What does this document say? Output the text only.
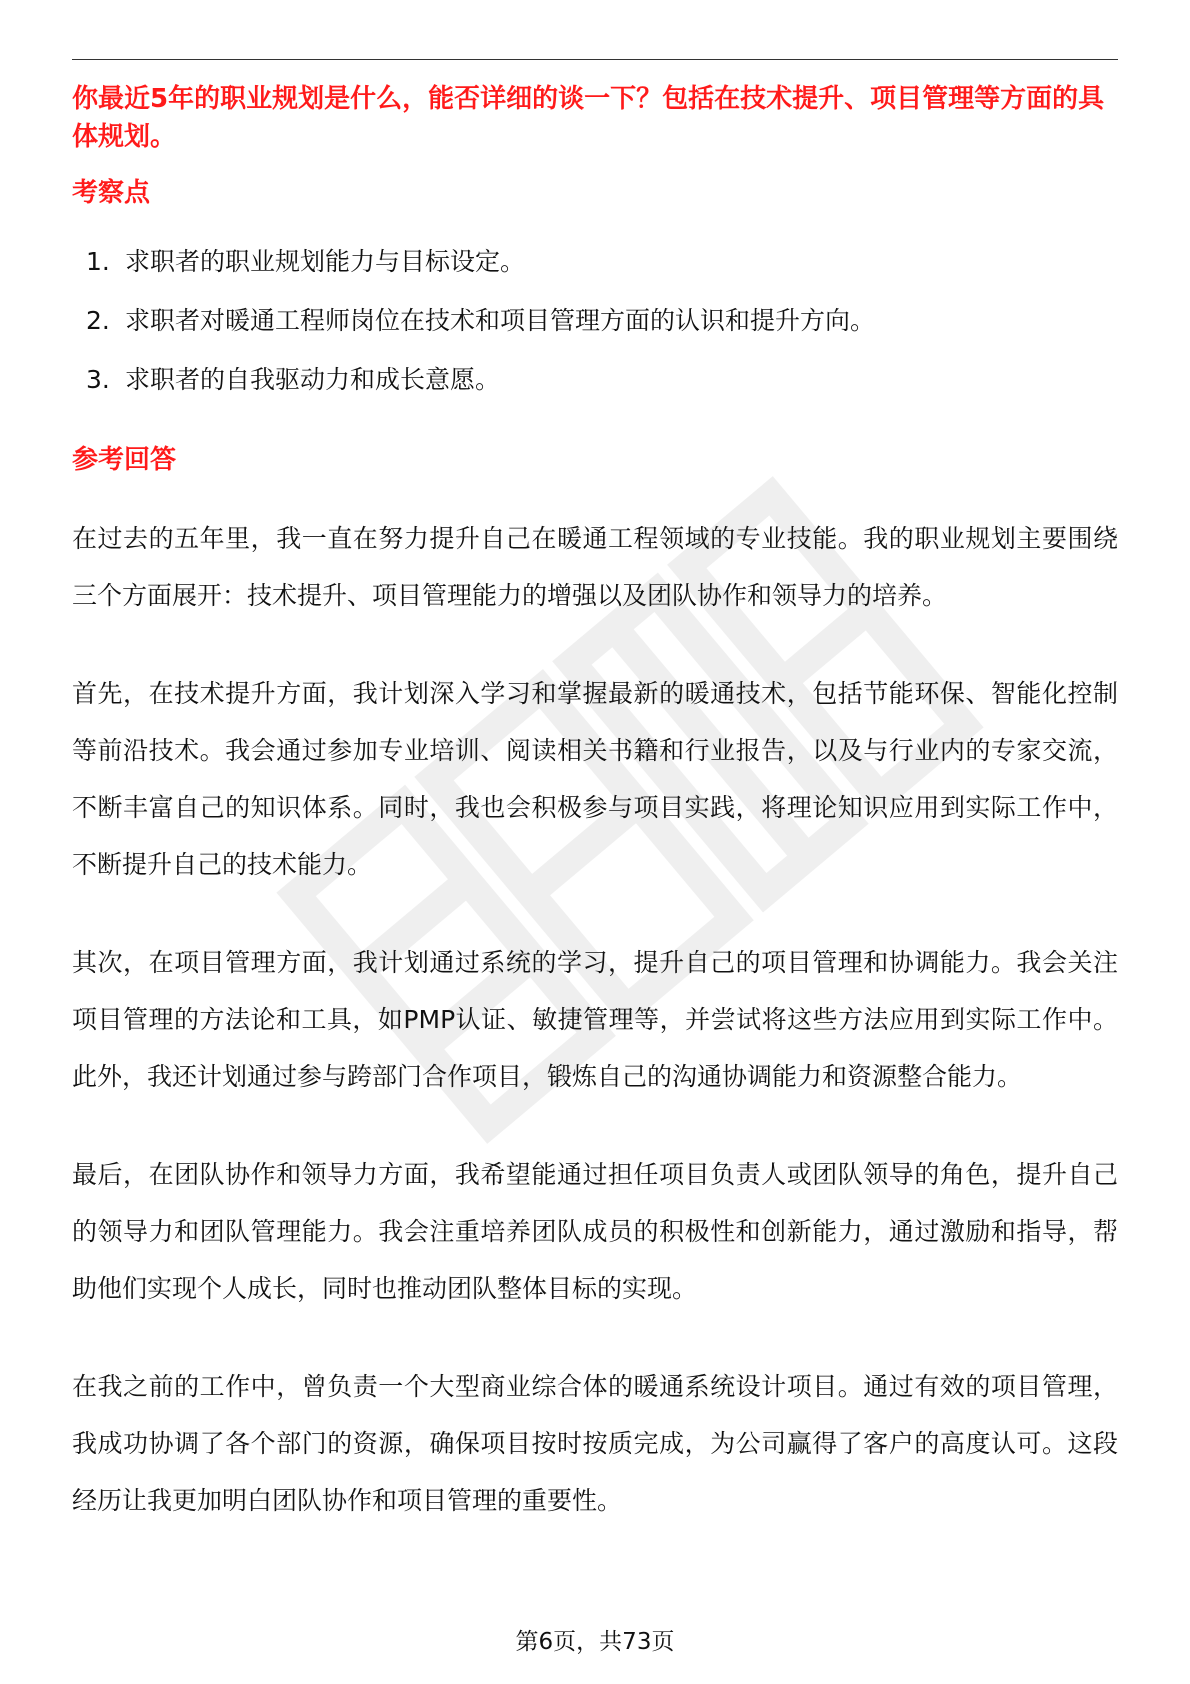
你最近5年的职业规划是什么，能否详细的谈一下？包括在技术提升、项目管理等方面的具体规划。
考察点
1. 求职者的职业规划能力与目标设定。
2. 求职者对暖通工程师岗位在技术和项目管理方面的认识和提升方向。
3. 求职者的自我驱动力和成长意愿。
参考回答

在过去的五年里，我一直在努力提升自己在暖通工程领域的专业技能。我的职业规划主要围绕三个方面展开：技术提升、项目管理能力的增强以及团队协作和领导力的培养。

首先，在技术提升方面，我计划深入学习和掌握最新的暖通技术，包括节能环保、智能化控制等前沿技术。我会通过参加专业培训、阅读相关书籍和行业报告，以及与行业内的专家交流，不断丰富自己的知识体系。同时，我也会积极参与项目实践，将理论知识应用到实际工作中，不断提升自己的技术能力。

其次，在项目管理方面，我计划通过系统的学习，提升自己的项目管理和协调能力。我会关注项目管理的方法论和工具，如PMP认证、敏捷管理等，并尝试将这些方法应用到实际工作中。此外，我还计划通过参与跨部门合作项目，锻炼自己的沟通协调能力和资源整合能力。

最后，在团队协作和领导力方面，我希望能通过担任项目负责人或团队领导的角色，提升自己的领导力和团队管理能力。我会注重培养团队成员的积极性和创新能力，通过激励和指导，帮助他们实现个人成长，同时也推动团队整体目标的实现。

在我之前的工作中，曾负责一个大型商业综合体的暖通系统设计项目。通过有效的项目管理，我成功协调了各个部门的资源，确保项目按时按质完成，为公司赢得了客户的高度认可。这段经历让我更加明白团队协作和项目管理的重要性。

第6页，共73页
